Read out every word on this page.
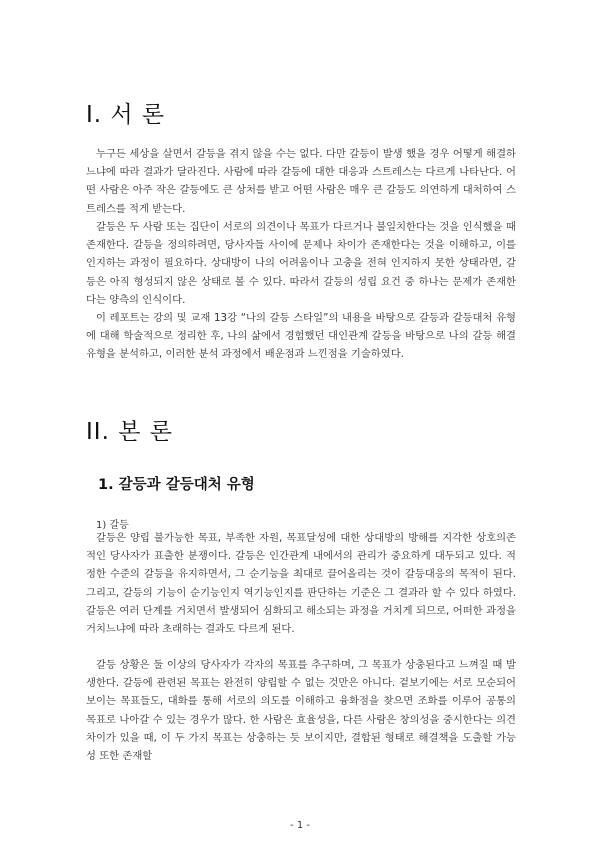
I. 서 론

누구든 세상을 살면서 갈등을 겪지 않을 수는 없다. 다만 갈등이 발생 했을 경우 어떻게 해결하느냐에 따라 결과가 달라진다. 사람에 따라 갈등에 대한 대응과 스트레스는 다르게 나타난다. 어떤 사람은 아주 작은 갈등에도 큰 상처를 받고 어떤 사람은 매우 큰 갈등도 의연하게 대처하여 스트레스를 적게 받는다.

갈등은 두 사람 또는 집단이 서로의 의견이나 목표가 다르거나 불일치한다는 것을 인식했을 때 존재한다. 갈등을 정의하려면, 당사자들 사이에 문제나 차이가 존재한다는 것을 이해하고, 이를 인지하는 과정이 필요하다. 상대방이 나의 어려움이나 고충을 전혀 인지하지 못한 상태라면, 갈등은 아직 형성되지 않은 상태로 볼 수 있다. 따라서 갈등의 성립 요건 중 하나는 문제가 존재한다는 양측의 인식이다.

이 레포트는 강의 및 교재 13강 “나의 갈등 스타일”의 내용을 바탕으로 갈등과 갈등대처 유형에 대해 학술적으로 정리한 후, 나의 삶에서 경험했던 대인관계 갈등을 바탕으로 나의 갈등 해결 유형을 분석하고, 이러한 분석 과정에서 배운점과 느낀점을 기술하였다.

II. 본 론
1. 갈등과 갈등대처 유형

1) 갈등

갈등은 양립 불가능한 목표, 부족한 자원, 목표달성에 대한 상대방의 방해를 지각한 상호의존적인 당사자가 표출한 분쟁이다. 갈등은 인간관계 내에서의 관리가 중요하게 대두되고 있다. 적정한 수준의 갈등을 유지하면서, 그 순기능을 최대로 끌어올리는 것이 갈등대응의 목적이 된다. 그리고, 갈등의 기능이 순기능인지 역기능인지를 판단하는 기준은 그 결과라 할 수 있다 하였다. 갈등은 여러 단계를 거치면서 발생되어 심화되고 해소되는 과정을 거치게 되므로, 어떠한 과정을 거치느냐에 따라 초래하는 결과도 다르게 된다.

갈등 상황은 둘 이상의 당사자가 각자의 목표를 추구하며, 그 목표가 상충된다고 느껴질 때 발생한다. 갈등에 관련된 목표는 완전히 양립할 수 없는 것만은 아니다. 겉보기에는 서로 모순되어 보이는 목표들도, 대화를 통해 서로의 의도를 이해하고 융화점을 찾으면 조화를 이루어 공통의 목표로 나아갈 수 있는 경우가 많다. 한 사람은 효율성을, 다른 사람은 창의성을 중시한다는 의견 차이가 있을 때, 이 두 가지 목표는 상충하는 듯 보이지만, 결합된 형태로 해결책을 도출할 가능성 또한 존재할

- 1 -
